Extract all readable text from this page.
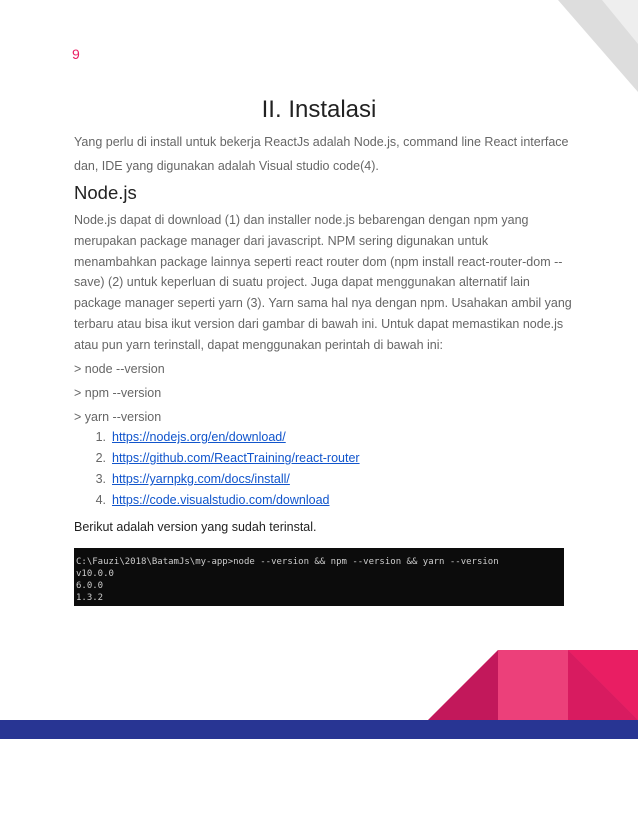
9
II. Instalasi

Yang perlu di install untuk bekerja ReactJs adalah Node.js, command line React interface dan, IDE yang digunakan adalah Visual studio code(4).

Node.js

Node.js dapat di download (1) dan installer node.js bebarengan dengan npm yang merupakan package manager dari javascript. NPM sering digunakan untuk menambahkan package lainnya seperti react router dom (npm install react-router-dom --save) (2) untuk keperluan di suatu project. Juga dapat menggunakan alternatif lain package manager seperti yarn (3). Yarn sama hal nya dengan npm. Usahakan ambil yang terbaru atau bisa ikut version dari gambar di bawah ini. Untuk dapat memastikan node.js atau pun yarn terinstall, dapat menggunakan perintah di bawah ini:

> node --version
> npm --version
> yarn --version
1. https://nodejs.org/en/download/
2. https://github.com/ReactTraining/react-router
3. https://yarnpkg.com/docs/install/
4. https://code.visualstudio.com/download
Berikut adalah version yang sudah terinstal.
C:\Fauzi\2018\BatamJs\my-app>node --version && npm --version && yarn --version
v10.0.0
6.0.0
1.3.2
